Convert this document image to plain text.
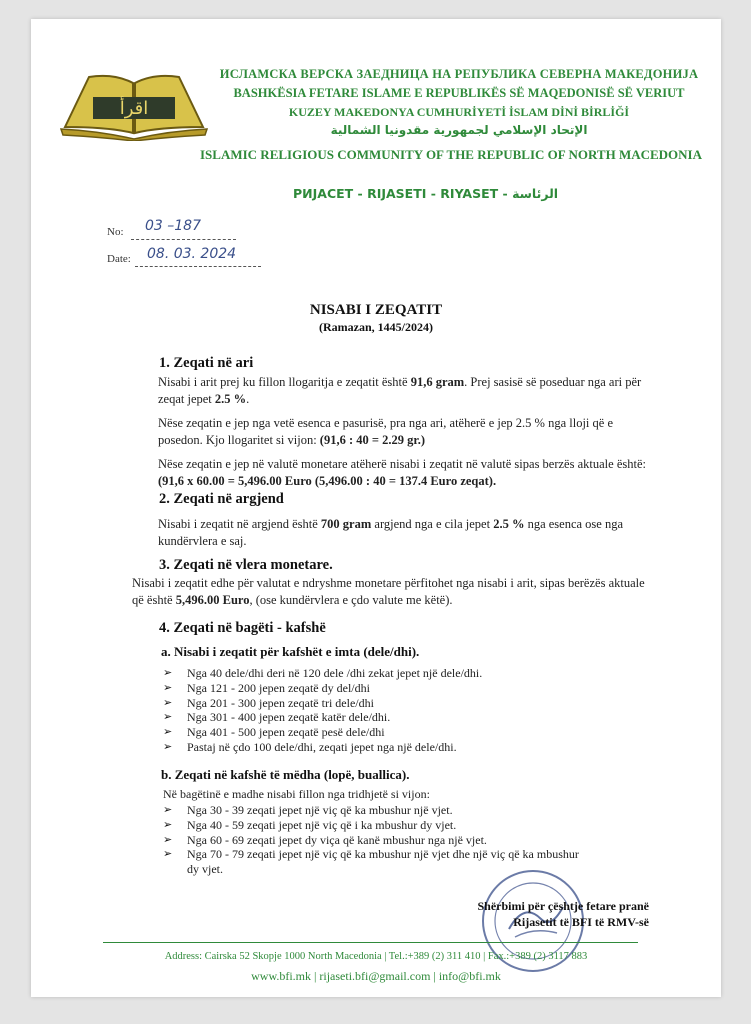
اقرأ
ИСЛАМСКА ВЕРСКА ЗАЕДНИЦА НА РЕПУБЛИКА СЕВЕРНА МАКЕДОНИЈА
BASHKËSIA FETARE ISLAME E REPUBLIKËS SË MAQEDONISË SË VERIUT
KUZEY MAKEDONYA CUMHURİYETİ İSLAM DİNİ BİRLİĞİ
الإتحاد الإسلامي لجمهورية مقدونيا الشمالية
ISLAMIC RELIGIOUS COMMUNITY OF THE REPUBLIC OF NORTH MACEDONIA
РИЈАСЕТ - RIJASETI - RIYASET - الرئاسة
No: 03 –187
Date: 08. 03. 2024
NISABI I ZEQATIT
(Ramazan, 1445/2024)
1. Zeqati në ari
Nisabi i arit prej ku fillon llogaritja e zeqatit është 91,6 gram. Prej sasisë së poseduar nga ari për zeqat jepet 2.5 %.
Nëse zeqatin e jep nga vetë esenca e pasurisë, pra nga ari, atëherë e jep 2.5 % nga lloji që e posedon. Kjo llogaritet si vijon: (91,6 : 40 = 2.29 gr.)
Nëse zeqatin e jep në valutë monetare atëherë nisabi i zeqatit në valutë sipas berzës aktuale është: (91,6 x 60.00 = 5,496.00 Euro (5,496.00 : 40 = 137.4 Euro zeqat).
2. Zeqati në argjend
Nisabi i zeqatit në argjend është 700 gram argjend nga e cila jepet 2.5 % nga esenca ose nga kundërvlera e saj.
3. Zeqati në vlera monetare.
Nisabi i zeqatit edhe për valutat e ndryshme monetare përfitohet nga nisabi i arit, sipas berëzës aktuale që është 5,496.00 Euro, (ose kundërvlera e çdo valute me këtë).
4. Zeqati në bagëti - kafshë
a. Nisabi i zeqatit për kafshët e imta (dele/dhi).
➢ Nga 40 dele/dhi deri në 120 dele /dhi zekat jepet një dele/dhi.
➢ Nga 121 - 200 jepen zeqatë dy del/dhi
➢ Nga 201 - 300 jepen zeqatë tri dele/dhi
➢ Nga 301 - 400 jepen zeqatë katër dele/dhi.
➢ Nga 401 - 500 jepen zeqatë pesë dele/dhi
➢ Pastaj në çdo 100 dele/dhi, zeqati jepet nga një dele/dhi.
b. Zeqati në kafshë të mëdha (lopë, buallica).
Në bagëtinë e madhe nisabi fillon nga tridhjetë si vijon:
➢ Nga 30 - 39 zeqati jepet një viç që ka mbushur një vjet.
➢ Nga 40 - 59 zeqati jepet një viç që i ka mbushur dy vjet.
➢ Nga 60 - 69 zeqati jepet dy viça që kanë mbushur nga një vjet.
➢ Nga 70 - 79 zeqati jepet një viç që ka mbushur një vjet dhe një viç që ka mbushur
dy vjet.
Shërbimi për çështje fetare pranë
Rijasetit të BFI të RMV-së
Address: Cairska 52 Skopje 1000 North Macedonia | Tel.:+389 (2) 311 410 | Fax.:+389 (2) 3117 883
www.bfi.mk | rijaseti.bfi@gmail.com | info@bfi.mk
